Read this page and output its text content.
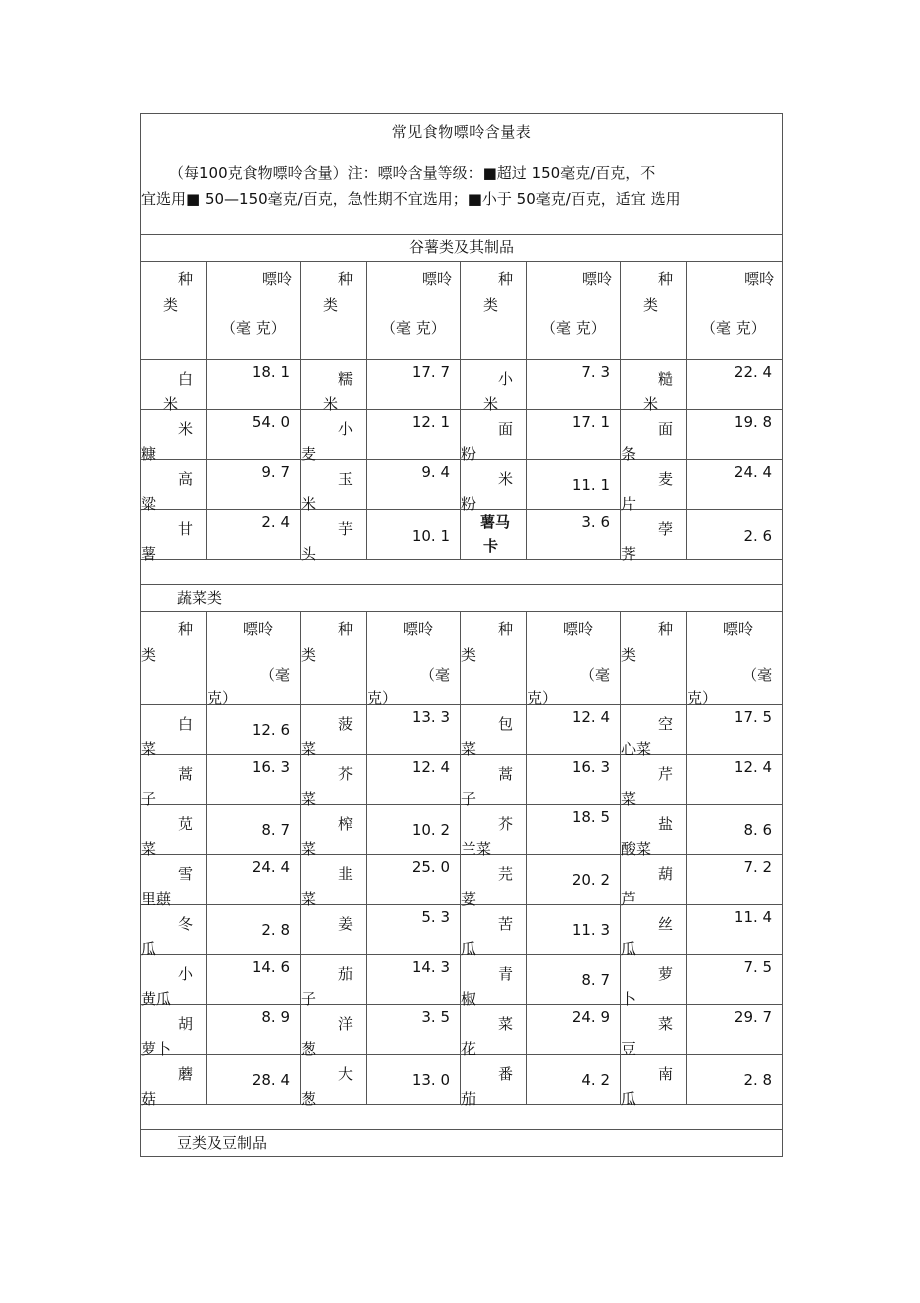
常见食物嘌呤含量表
（每100克食物嘌呤含量）注：嘌呤含量等级：■超过 150毫克/百克，不
宜选用■ 50—150毫克/百克，急性期不宜选用；■小于 50毫克/百克，适宜 选用							

谷薯类及其制品							

种
类	嘌呤
（毫 克）	种
类	嘌呤
（毫 克）	种
类	嘌呤
（毫 克）	种
类	嘌呤
（毫 克）

白
米	18. 1	糯
米	17. 7	小
米	7. 3	糙
米	22. 4

米
糠	54. 0	小
麦	12. 1	面
粉	17. 1	面
条	19. 8

高
粱	9. 7	玉
米	9. 4	米
粉	11. 1	麦
片	24. 4

甘
薯	2. 4	芋
头	10. 1	薯马
卡	3. 6	荸
荠	2. 6

蔬菜类							

种
类	嘌呤
（毫
克）	种
类	嘌呤
（毫
克）	种
类	嘌呤
（毫
克）	种
类	嘌呤
（毫
克）

白
菜	12. 6	菠
菜	13. 3	包
菜	12. 4	空
心菜	17. 5

蒿
子	16. 3	芥
菜	12. 4	蒿
子	16. 3	芹
菜	12. 4

苋
菜	8. 7	榨
菜	10. 2	芥
兰菜	18. 5	盐
酸菜	8. 6

雪
里蕻	24. 4	韭
菜	25. 0	芫
荽	20. 2	葫
芦	7. 2

冬
瓜	2. 8	姜	5. 3	苦
瓜	11. 3	丝
瓜	11. 4

小
黄瓜	14. 6	茄
子	14. 3	青
椒	8. 7	萝
卜	7. 5

胡
萝卜	8. 9	洋
葱	3. 5	菜
花	24. 9	菜
豆	29. 7

蘑
菇	28. 4	大
葱	13. 0	番
茄	4. 2	南
瓜	2. 8

豆类及豆制品							
